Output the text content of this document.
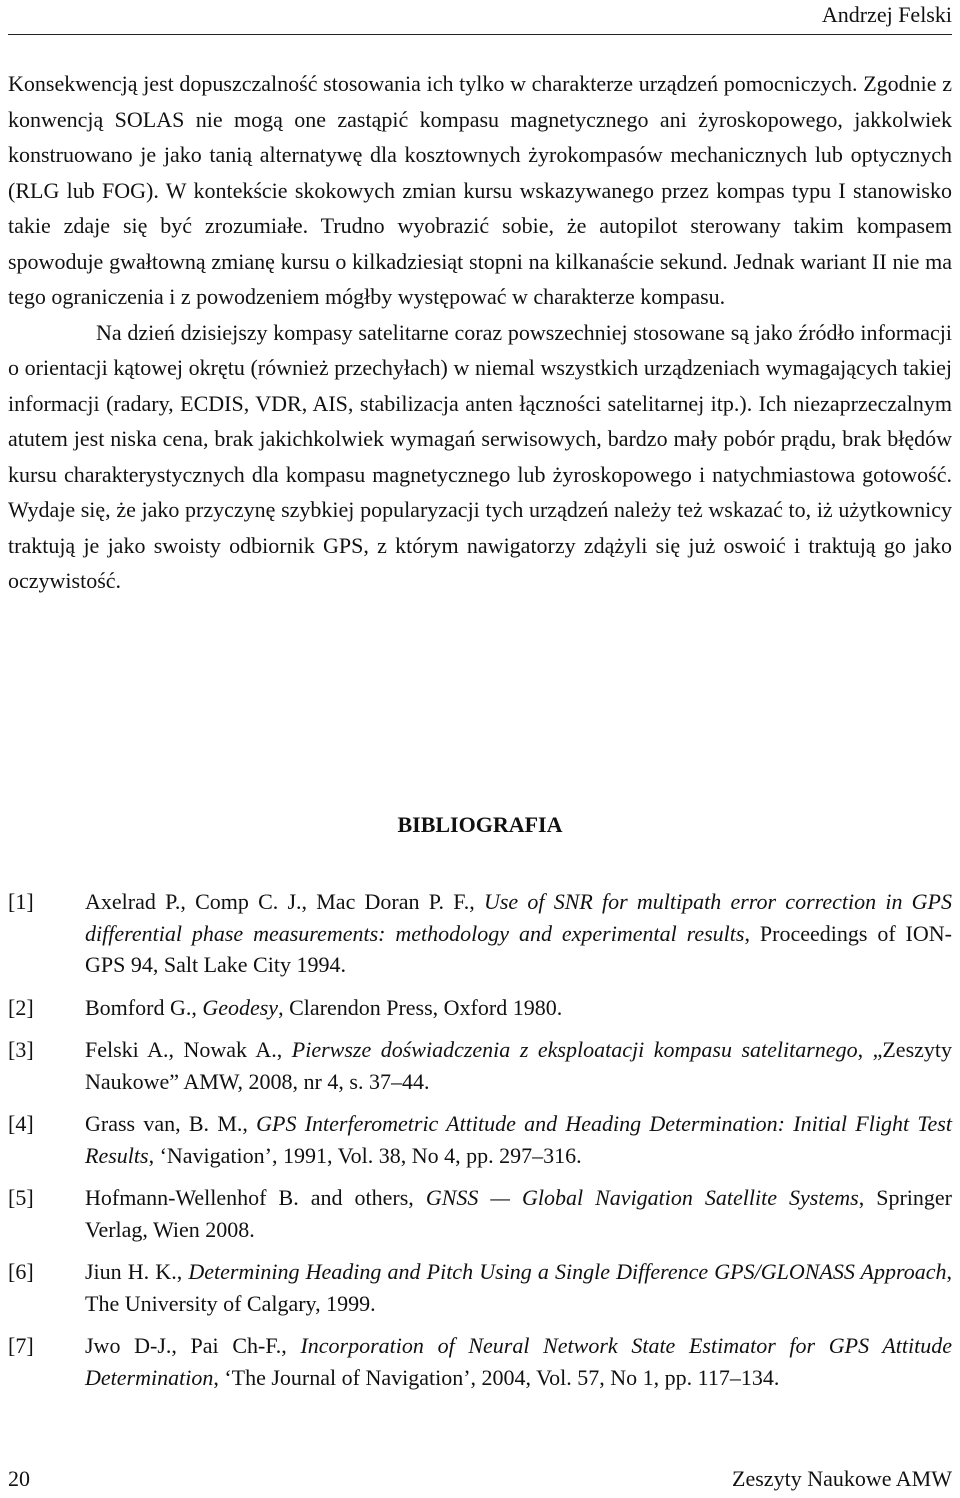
Andrzej Felski

Konsekwencją jest dopuszczalność stosowania ich tylko w charakterze urządzeń pomocniczych. Zgodnie z konwencją SOLAS nie mogą one zastąpić kompasu magnetycznego ani żyroskopowego, jakkolwiek konstruowano je jako tanią alternatywę dla kosztownych żyrokompasów mechanicznych lub optycznych (RLG lub FOG). W kontekście skokowych zmian kursu wskazywanego przez kompas typu I stanowisko takie zdaje się być zrozumiałe. Trudno wyobrazić sobie, że autopilot sterowany takim kompasem spowoduje gwałtowną zmianę kursu o kilkadziesiąt stopni na kilkanaście sekund. Jednak wariant II nie ma tego ograniczenia i z powodzeniem mógłby występować w charakterze kompasu.

Na dzień dzisiejszy kompasy satelitarne coraz powszechniej stosowane są jako źródło informacji o orientacji kątowej okrętu (również przechyłach) w niemal wszystkich urządzeniach wymagających takiej informacji (radary, ECDIS, VDR, AIS, stabilizacja anten łączności satelitarnej itp.). Ich niezaprzeczalnym atutem jest niska cena, brak jakichkolwiek wymagań serwisowych, bardzo mały pobór prądu, brak błędów kursu charakterystycznych dla kompasu magnetycznego lub żyroskopowego i natychmiastowa gotowość. Wydaje się, że jako przyczynę szybkiej popularyzacji tych urządzeń należy też wskazać to, iż użytkownicy traktują je jako swoisty odbiornik GPS, z którym nawigatorzy zdążyli się już oswoić i traktują go jako oczywistość.

BIBLIOGRAFIA
[1]	Axelrad P., Comp C. J., Mac Doran P. F., Use of SNR for multipath error correction in GPS differential phase measurements: methodology and experimental results, Proceedings of ION-GPS 94, Salt Lake City 1994.
[2]	Bomford G., Geodesy, Clarendon Press, Oxford 1980.
[3]	Felski A., Nowak A., Pierwsze doświadczenia z eksploatacji kompasu satelitarnego, „Zeszyty Naukowe” AMW, 2008, nr 4, s. 37–44.
[4]	Grass van, B. M., GPS Interferometric Attitude and Heading Determination: Initial Flight Test Results, ‘Navigation’, 1991, Vol. 38, No 4, pp. 297–316.
[5]	Hofmann-Wellenhof B. and others, GNSS — Global Navigation Satellite Systems, Springer Verlag, Wien 2008.
[6]	Jiun H. K., Determining Heading and Pitch Using a Single Difference GPS/GLONASS Approach, The University of Calgary, 1999.
[7]	Jwo D-J., Pai Ch-F., Incorporation of Neural Network State Estimator for GPS Attitude Determination, ‘The Journal of Navigation’, 2004, Vol. 57, No 1, pp. 117–134.
20	Zeszyty Naukowe AMW
